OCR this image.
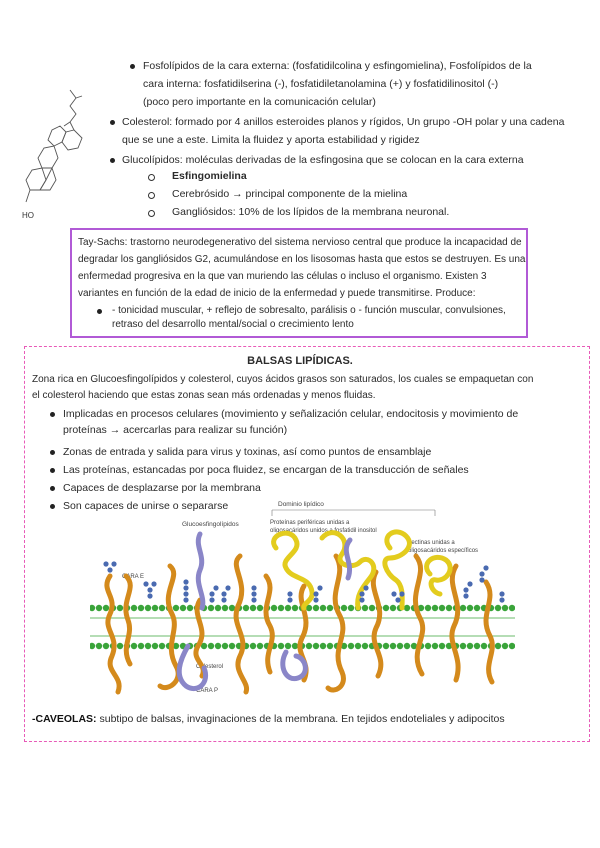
Fosfolípidos de la cara externa: (fosfatidilcolina y esfingomielina), Fosfolípidos de la
cara interna: fosfatidilserina (-), fosfatidiletanolamina (+) y fosfatidilinositol (-)
(poco pero importante en la comunicación celular)
HO
Colesterol: formado por 4 anillos esteroides planos y rígidos, Un grupo -OH polar y una cadena
que se une a este. Limita la fluidez y aporta estabilidad y rigidez
Glucolípidos: moléculas derivadas de la esfingosina que se colocan en la cara externa
Esfingomielina
Cerebrósido → principal componente de la mielina
Gangliósidos: 10% de los lípidos de la membrana neuronal.
Tay-Sachs: trastorno neurodegenerativo del sistema nervioso central que produce la incapacidad de
degradar los gangliósidos G2, acumulándose en los lisosomas hasta que estos se destruyen. Es una
enfermedad progresiva en la que van muriendo las células o incluso el organismo. Existen 3
variantes en función de la edad de inicio de la enfermedad y puede transmitirse. Produce:
- tonicidad muscular, + reflejo de sobresalto, parálisis o - función muscular, convulsiones,
retraso del desarrollo mental/social o crecimiento lento
BALSAS LIPÍDICAS.
Zona rica en Glucoesfingolípidos y colesterol, cuyos ácidos grasos son saturados, los cuales se empaquetan con
el colesterol haciendo que estas zonas sean más ordenadas y menos fluidas.
Implicadas en procesos celulares (movimiento y señalización celular, endocitosis y movimiento de
proteínas → acercarlas para realizar su función)
Zonas de entrada y salida para virus y toxinas, así como puntos de ensamblaje
Las proteínas, estancadas por poca fluidez, se encargan de la transducción de señales
Capaces de desplazarse por la membrana
Son capaces de unirse o separarse	Dominio lipídico
Glucoesfingolípidos	Proteínas periféricas unidas a
oligosacáridos unidos a fosfatidil inositol
Lectinas unidas a
oligosacáridos específicos
CARA E
Colesterol
CARA P
-CAVEOLAS: subtipo de balsas, invaginaciones de la membrana. En tejidos endoteliales y adipocitos
